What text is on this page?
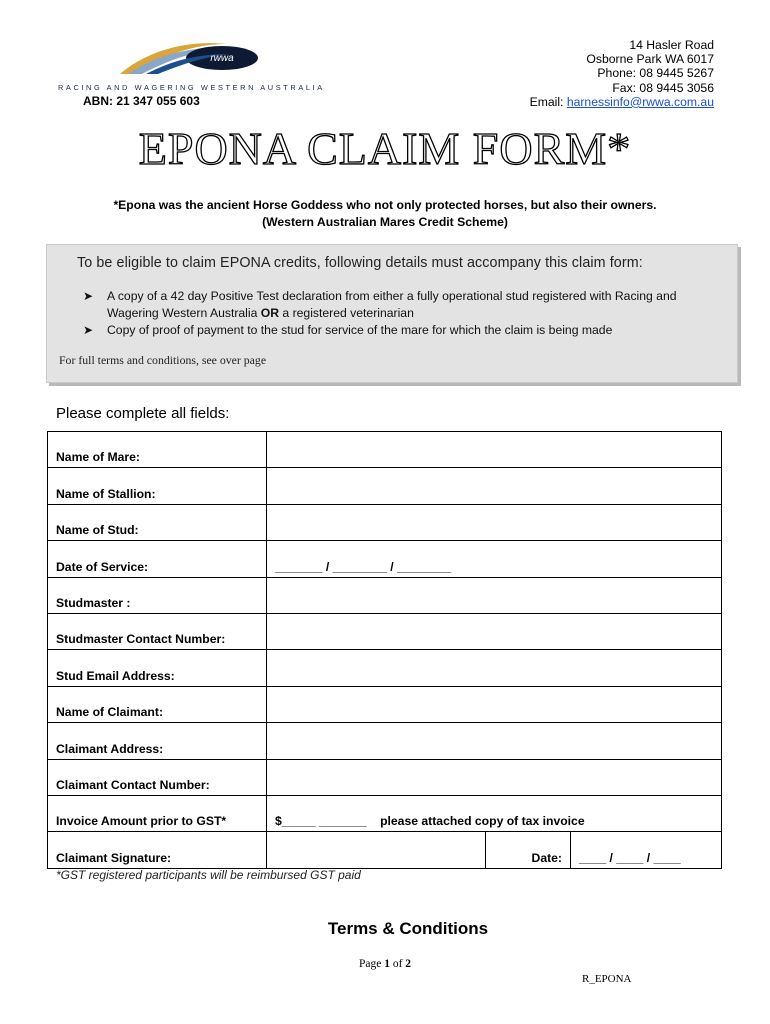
rwwa
RACING AND WAGERING WESTERN AUSTRALIA
ABN: 21 347 055 603
14 Hasler Road
Osborne Park WA 6017
Phone: 08 9445 5267
Fax: 08 9445 3056
Email: harnessinfo@rwwa.com.au
EPONA CLAIM FORM*
*Epona was the ancient Horse Goddess who not only protected horses, but also their owners.
(Western Australian Mares Credit Scheme)
To be eligible to claim EPONA credits, following details must accompany this claim form:
➤ A copy of a 42 day Positive Test declaration from either a fully operational stud registered with Racing and Wagering Western Australia OR a registered veterinarian
➤ Copy of proof of payment to the stud for service of the mare for which the claim is being made
For full terms and conditions, see over page
Please complete all fields:
Name of Mare:			
Name of Stallion:			
Name of Stud:			
Date of Service:	_______ / ________ / ________		
Studmaster :			
Studmaster Contact Number:			
Stud Email Address:			
Name of Claimant:			
Claimant Address:			
Claimant Contact Number:			
Invoice Amount prior to GST*	$_____ _______ please attached copy of tax invoice		
Claimant Signature:		Date:	____ / ____ / ____
*GST registered participants will be reimbursed GST paid
Terms & Conditions
Page 1 of 2
R_EPONA
